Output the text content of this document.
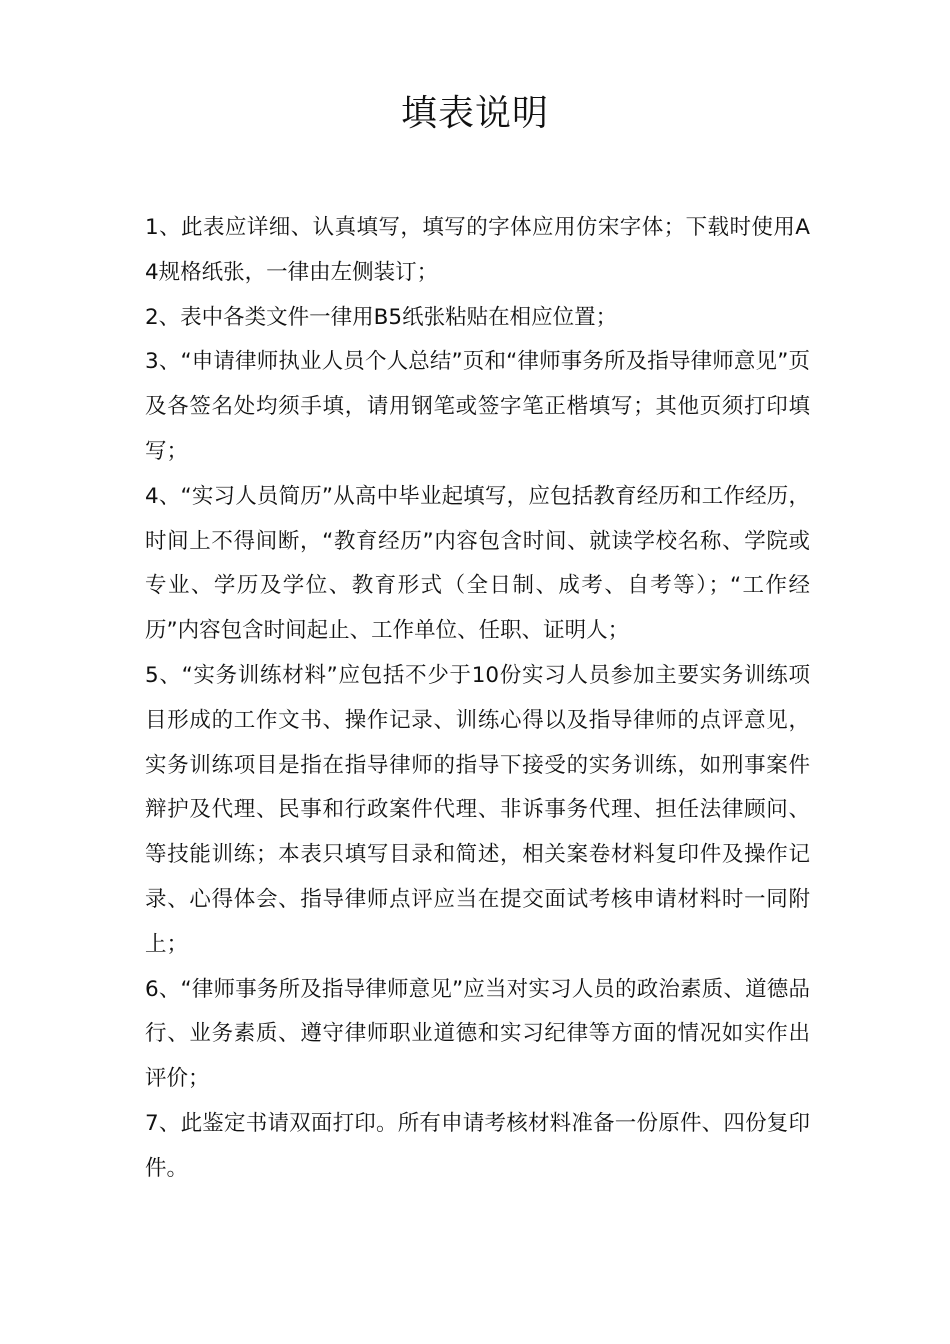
填表说明
1、此表应详细、认真填写，填写的字体应用仿宋字体；下载时使用A4规格纸张，一律由左侧装订；
2、表中各类文件一律用B5纸张粘贴在相应位置；
3、“申请律师执业人员个人总结”页和“律师事务所及指导律师意见”页及各签名处均须手填，请用钢笔或签字笔正楷填写；其他页须打印填写；
4、“实习人员简历”从高中毕业起填写，应包括教育经历和工作经历，时间上不得间断，“教育经历”内容包含时间、就读学校名称、学院或专业、学历及学位、教育形式（全日制、成考、自考等）；“工作经历”内容包含时间起止、工作单位、任职、证明人；
5、“实务训练材料”应包括不少于10份实习人员参加主要实务训练项目形成的工作文书、操作记录、训练心得以及指导律师的点评意见，实务训练项目是指在指导律师的指导下接受的实务训练，如刑事案件辩护及代理、民事和行政案件代理、非诉事务代理、担任法律顾问、等技能训练；本表只填写目录和简述，相关案卷材料复印件及操作记录、心得体会、指导律师点评应当在提交面试考核申请材料时一同附上；
6、“律师事务所及指导律师意见”应当对实习人员的政治素质、道德品行、业务素质、遵守律师职业道德和实习纪律等方面的情况如实作出评价；
7、此鉴定书请双面打印。所有申请考核材料准备一份原件、四份复印件。
